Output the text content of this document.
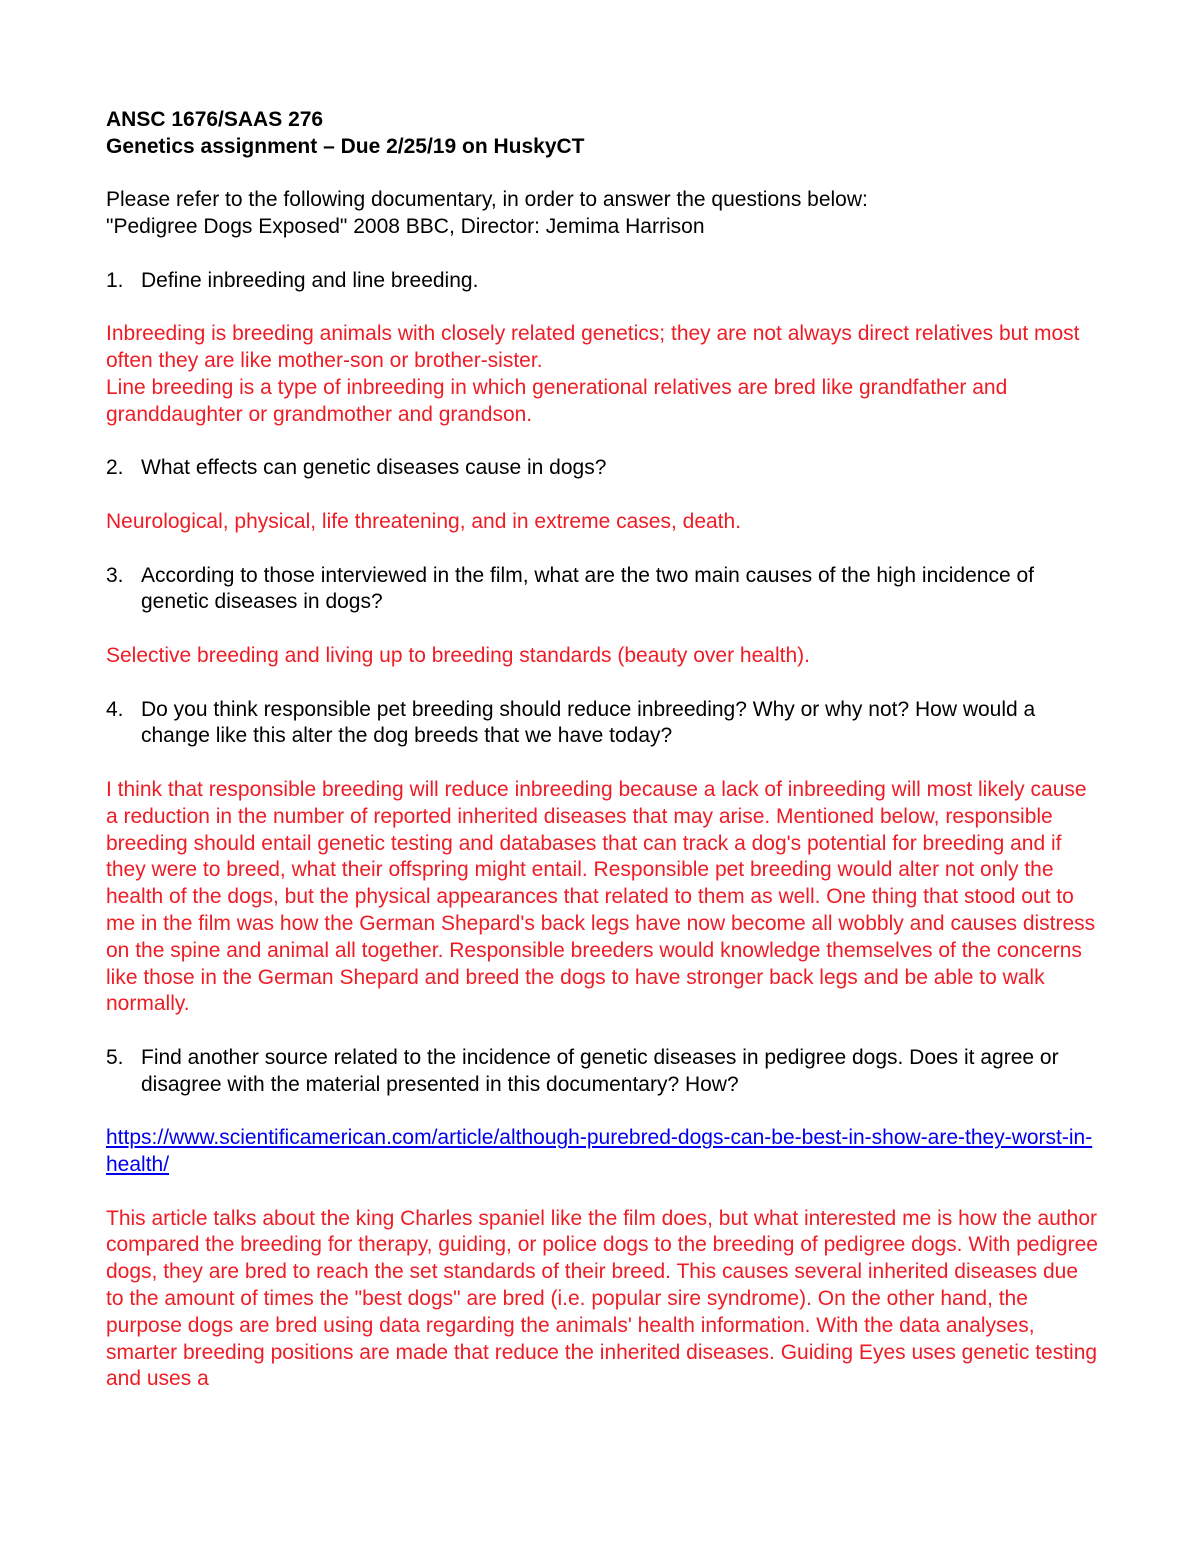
ANSC 1676/SAAS 276

Genetics assignment – Due 2/25/19 on HuskyCT

Please refer to the following documentary, in order to answer the questions below:

"Pedigree Dogs Exposed" 2008 BBC, Director: Jemima Harrison

1. Define inbreeding and line breeding.
Inbreeding is breeding animals with closely related genetics; they are not always direct relatives but most often they are like mother-son or brother-sister.
Line breeding is a type of inbreeding in which generational relatives are bred like grandfather and granddaughter or grandmother and grandson.
2. What effects can genetic diseases cause in dogs?
Neurological, physical, life threatening, and in extreme cases, death.
3. According to those interviewed in the film, what are the two main causes of the high incidence of genetic diseases in dogs?
Selective breeding and living up to breeding standards (beauty over health).
4. Do you think responsible pet breeding should reduce inbreeding? Why or why not? How would a change like this alter the dog breeds that we have today?
I think that responsible breeding will reduce inbreeding because a lack of inbreeding will most likely cause a reduction in the number of reported inherited diseases that may arise. Mentioned below, responsible breeding should entail genetic testing and databases that can track a dog's potential for breeding and if they were to breed, what their offspring might entail. Responsible pet breeding would alter not only the health of the dogs, but the physical appearances that related to them as well. One thing that stood out to me in the film was how the German Shepard's back legs have now become all wobbly and causes distress on the spine and animal all together. Responsible breeders would knowledge themselves of the concerns like those in the German Shepard and breed the dogs to have stronger back legs and be able to walk normally.
5. Find another source related to the incidence of genetic diseases in pedigree dogs. Does it agree or disagree with the material presented in this documentary? How?
https://www.scientificamerican.com/article/although-purebred-dogs-can-be-best-in-show-are-they-worst-in-health/
This article talks about the king Charles spaniel like the film does, but what interested me is how the author compared the breeding for therapy, guiding, or police dogs to the breeding of pedigree dogs. With pedigree dogs, they are bred to reach the set standards of their breed. This causes several inherited diseases due to the amount of times the "best dogs" are bred (i.e. popular sire syndrome). On the other hand, the purpose dogs are bred using data regarding the animals' health information. With the data analyses, smarter breeding positions are made that reduce the inherited diseases. Guiding Eyes uses genetic testing and uses a
